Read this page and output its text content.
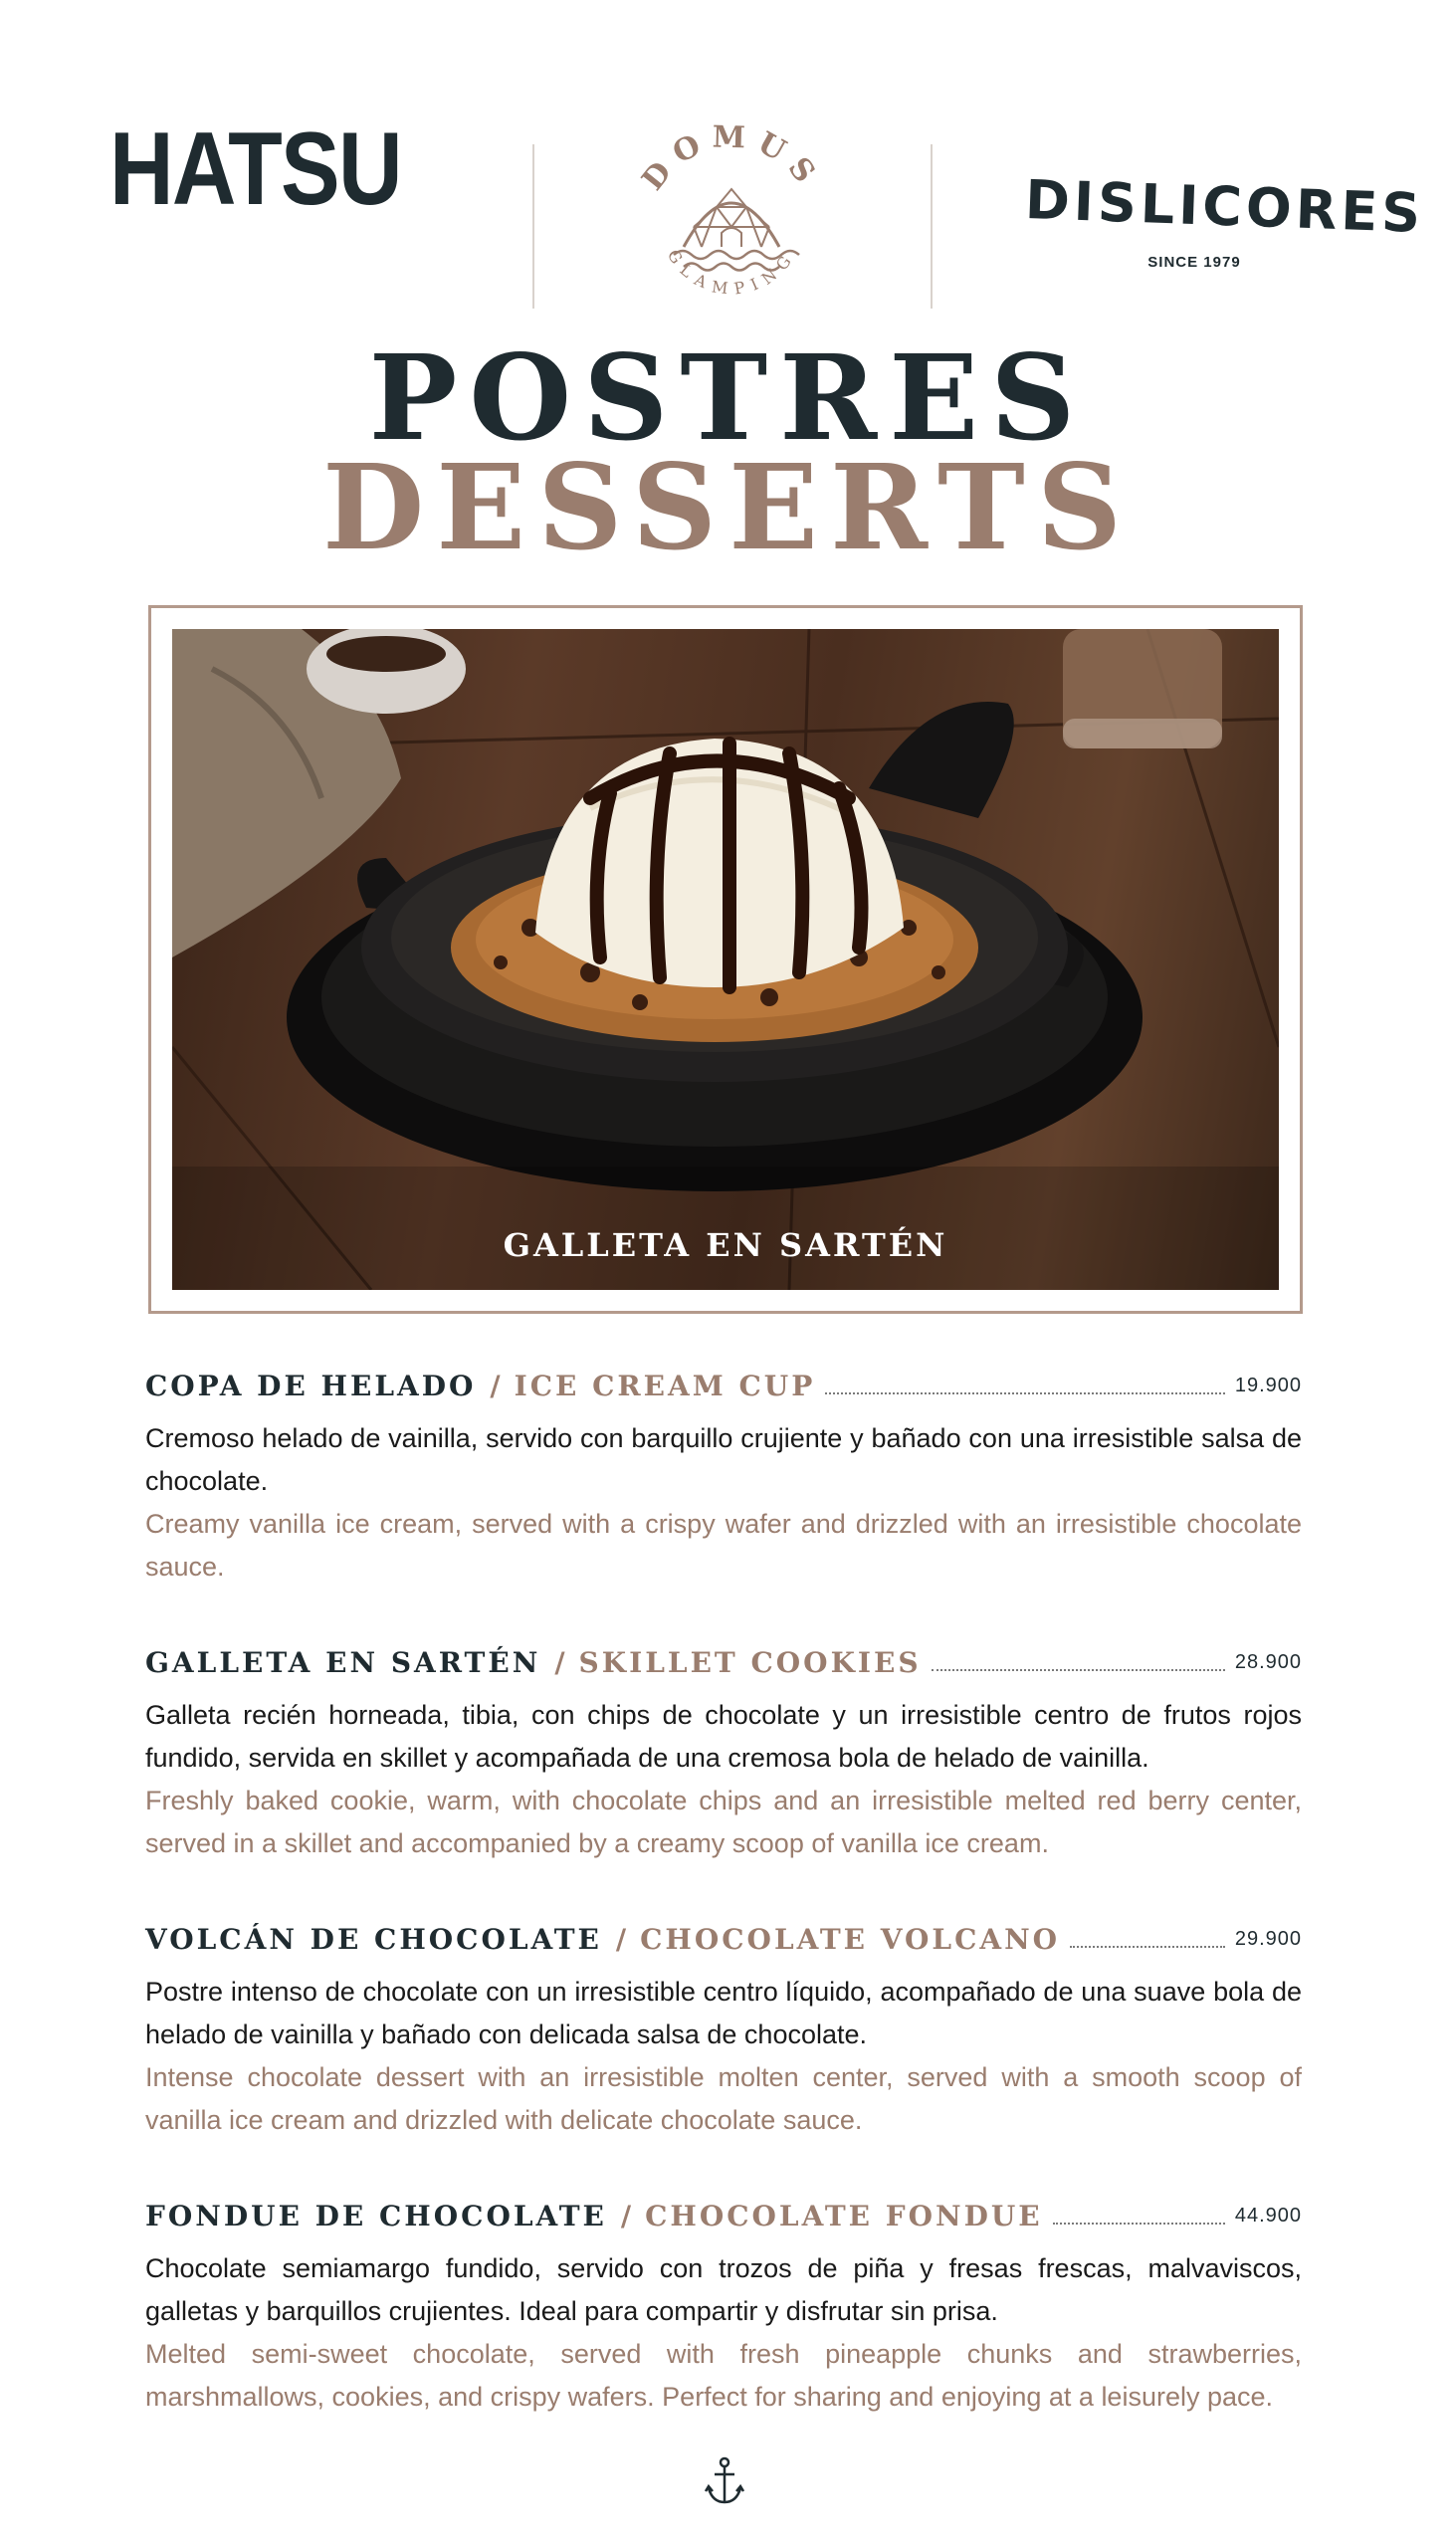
HATSU	DOMUS
GLAMPING
DISLICORES
SINCE 1979
POSTRES
DESSERTS
GALLETA EN SARTÉN
COPA DE HELADO / ICE CREAM CUP	19.900

Cremoso helado de vainilla, servido con barquillo crujiente y bañado con una irresistible salsa de chocolate.

Creamy vanilla ice cream, served with a crispy wafer and drizzled with an irresistible chocolate sauce.

GALLETA EN SARTÉN / SKILLET COOKIES	28.900

Galleta recién horneada, tibia, con chips de chocolate y un irresistible centro de frutos rojos fundido, servida en skillet y acompañada de una cremosa bola de helado de vainilla.

Freshly baked cookie, warm, with chocolate chips and an irresistible melted red berry center, served in a skillet and accompanied by a creamy scoop of vanilla ice cream.

VOLCÁN DE CHOCOLATE / CHOCOLATE VOLCANO	29.900

Postre intenso de chocolate con un irresistible centro líquido, acompañado de una suave bola de helado de vainilla y bañado con delicada salsa de chocolate.

Intense chocolate dessert with an irresistible molten center, served with a smooth scoop of vanilla ice cream and drizzled with delicate chocolate sauce.

FONDUE DE CHOCOLATE / CHOCOLATE FONDUE	44.900

Chocolate semiamargo fundido, servido con trozos de piña y fresas frescas, malvaviscos, galletas y barquillos crujientes. Ideal para compartir y disfrutar sin prisa.

Melted semi-sweet chocolate, served with fresh pineapple chunks and strawberries, marshmallows, cookies, and crispy wafers. Perfect for sharing and enjoying at a leisurely pace.
